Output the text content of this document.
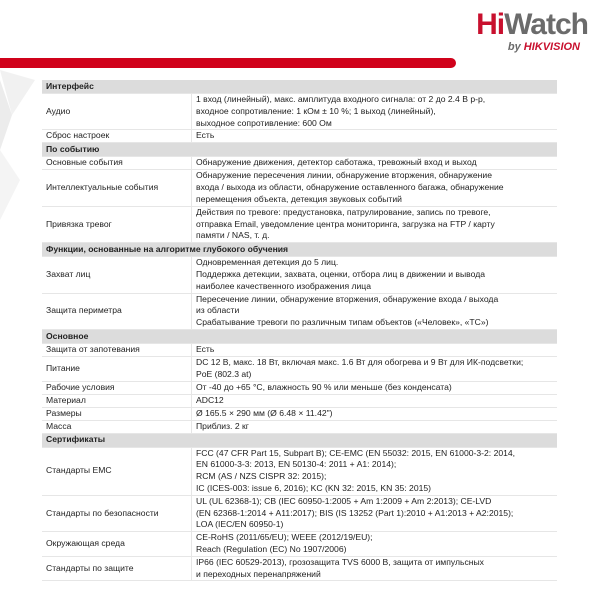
HiWatch
by HIKVISION
Интерфейс	
Аудио	1 вход (линейный), макс. амплитуда входного сигнала: от 2 до 2.4 В р-р,
входное сопротивление: 1 кОм ± 10 %; 1 выход (линейный),
выходное сопротивление: 600 Ом

Сброс настроек	Есть

По событию	
Основные события	Обнаружение движения, детектор саботажа, тревожный вход и выход

Интеллектуальные события	Обнаружение пересечения линии, обнаружение вторжения, обнаружение
входа / выхода из области, обнаружение оставленного багажа, обнаружение
перемещения объекта, детекция звуковых событий

Привязка тревог	Действия по тревоге: предустановка, патрулирование, запись по тревоге,
отправка Email, уведомление центра мониторинга, загрузка на FTP / карту
памяти / NAS, т. д.

Функции, основанные на алгоритме глубокого обучения	
Захват лиц	Одновременная детекция до 5 лиц.
Поддержка детекции, захвата, оценки, отбора лиц в движении и вывода
наиболее качественного изображения лица

Защита периметра	Пересечение линии, обнаружение вторжения, обнаружение входа / выхода
из области
Срабатывание тревоги по различным типам объектов («Человек», «ТС»)

Основное	
Защита от запотевания	Есть

Питание	DC 12 В, макс. 18 Вт, включая макс. 1.6 Вт для обогрева и 9 Вт для ИК-подсветки;
PoE (802.3 at)

Рабочие условия	От -40 до +65 °С, влажность 90 % или меньше (без конденсата)

Материал	ADC12

Размеры	Ø 165.5 × 290 мм (Ø 6.48 × 11.42")

Масса	Приблиз. 2 кг

Сертификаты	
Стандарты EMC	FCC (47 CFR Part 15, Subpart B); CE-EMC (EN 55032: 2015, EN 61000-3-2: 2014,
EN 61000-3-3: 2013, EN 50130-4: 2011 + A1: 2014);
RCM (AS / NZS CISPR 32: 2015);
IC (ICES-003: issue 6, 2016); KC (KN 32: 2015, KN 35: 2015)

Стандарты по безопасности	UL (UL 62368-1); CB (IEC 60950-1:2005 + Am 1:2009 + Am 2:2013); CE-LVD
(EN 62368-1:2014 + A11:2017); BIS (IS 13252 (Part 1):2010 + A1:2013 + A2:2015);
LOA (IEC/EN 60950-1)

Окружающая среда	CE-RoHS (2011/65/EU); WEEE (2012/19/EU);
Reach (Regulation (EC) No 1907/2006)

Стандарты по защите	IP66 (IEC 60529-2013), грозозащита TVS 6000 В, защита от импульсных
и переходных перенапряжений
